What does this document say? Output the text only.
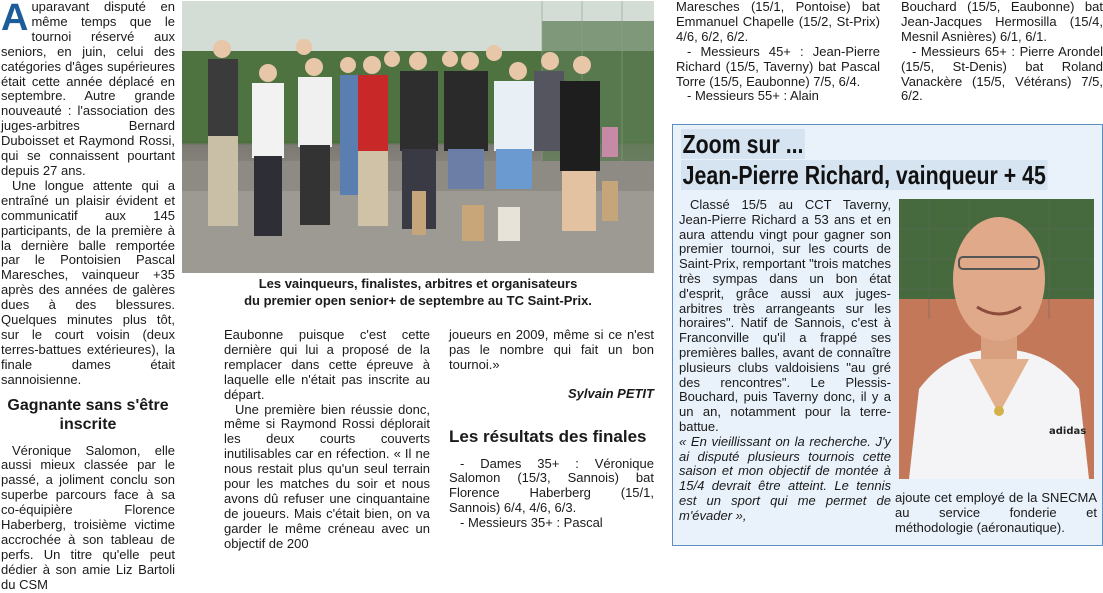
Auparavant disputé en même temps que le tournoi réservé aux seniors, en juin, celui des catégories d'âges supérieures était cette année déplacé en septembre. Autre grande nouveauté : l'association des juges-arbitres Bernard Duboisset et Raymond Rossi, qui se connaissent pourtant depuis 27 ans.

Une longue attente qui a entraîné un plaisir évident et communicatif aux 145 participants, de la première à la dernière balle remportée par le Pontoisien Pascal Maresches, vainqueur +35 après des années de galères dues à des blessures. Quelques minutes plus tôt, sur le court voisin (deux terres-battues extérieures), la finale dames était sannoisienne.

Gagnante sans s'être inscrite

Véronique Salomon, elle aussi mieux classée par le passé, a joliment conclu son superbe parcours face à sa co-équipière Florence Haberberg, troisième victime accrochée à son tableau de perfs. Un titre qu'elle peut dédier à son amie Liz Bartoli du CSM

Les vainqueurs, finalistes, arbitres et organisateurs
du premier open senior+ de septembre au TC Saint-Prix.

Eaubonne puisque c'est cette dernière qui lui a proposé de la remplacer dans cette épreuve à laquelle elle n'était pas inscrite au départ.

Une première bien réussie donc, même si Raymond Rossi déplorait les deux courts couverts inutilisables car en réfection. « Il ne nous restait plus qu'un seul terrain pour les matches du soir et nous avons dû refuser une cinquantaine de joueurs. Mais c'était bien, on va garder le même créneau avec un objectif de 200

joueurs en 2009, même si ce n'est pas le nombre qui fait un bon tournoi.»

Sylvain PETIT
Les résultats des finales

- Dames 35+ : Véronique Salomon (15/3, Sannois) bat Florence Haberberg (15/1, Sannois) 6/4, 4/6, 6/3.

- Messieurs 35+ : Pascal

Maresches (15/1, Pontoise) bat Emmanuel Chapelle (15/2, St-Prix) 4/6, 6/2, 6/2.

- Messieurs 45+ : Jean-Pierre Richard (15/5, Taverny) bat Pascal Torre (15/5, Eaubonne) 7/5, 6/4.

- Messieurs 55+ : Alain

Bouchard (15/5, Eaubonne) bat Jean-Jacques Hermosilla (15/4, Mesnil Asnières) 6/1, 6/1.

- Messieurs 65+ : Pierre Arondel (15/5, St-Denis) bat Roland Vanackère (15/5, Vétérans) 7/5, 6/2.

Zoom sur ...
Jean-Pierre Richard, vainqueur + 45

Classé 15/5 au CCT Taverny, Jean-Pierre Richard a 53 ans et en aura attendu vingt pour gagner son premier tournoi, sur les courts de Saint-Prix, remportant "trois matches très sympas dans un bon état d'esprit, grâce aussi aux juges-arbitres très arrangeants sur les horaires". Natif de Sannois, c'est à Franconville qu'il a frappé ses premières balles, avant de connaître plusieurs clubs valdoisiens "au gré des rencontres". Le Plessis-Bouchard, puis Taverny donc, il y a un an, notamment pour la terre-battue.

« En vieillissant on la recherche. J'y ai disputé plusieurs tournois cette saison et mon objectif de montée à 15/4 devrait être atteint. Le tennis est un sport qui me permet de m'évader »,

adidas
ajoute cet employé de la SNECMA au service fonderie et méthodologie (aéronautique).
